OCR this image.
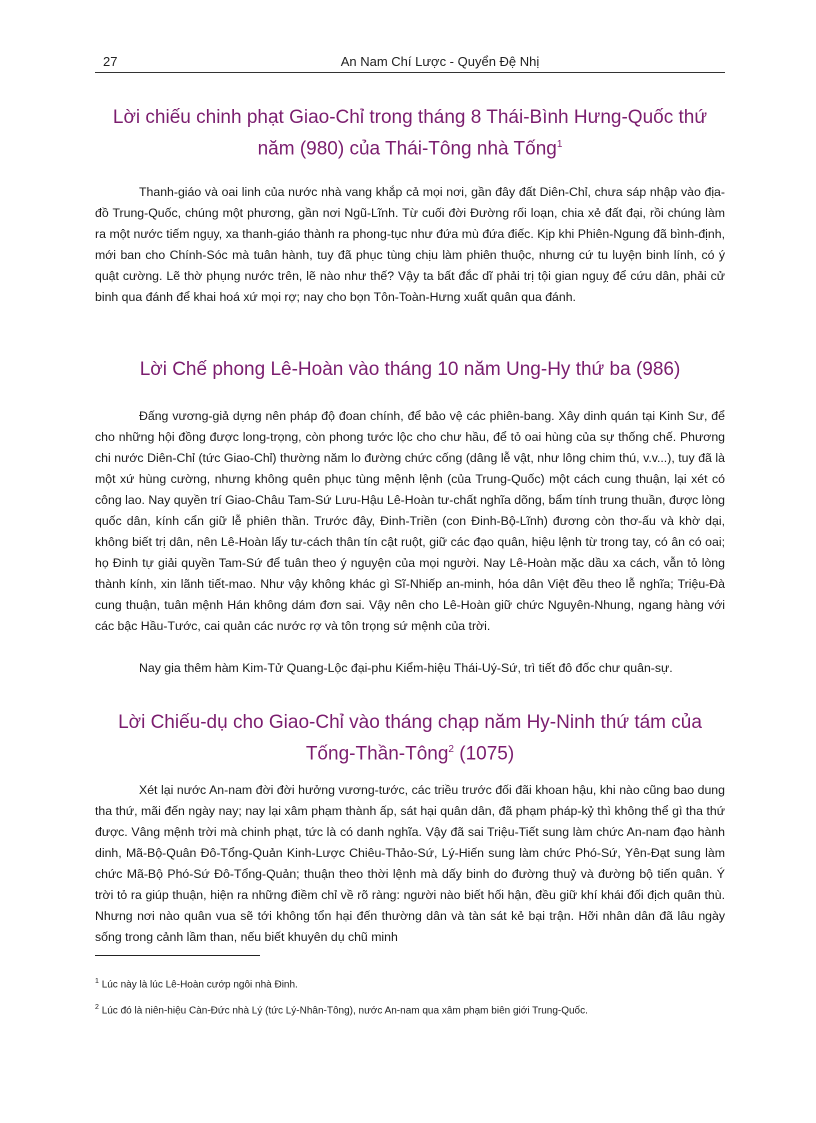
27	An Nam Chí Lược - Quyển Đệ Nhị
Lời chiếu chinh phạt Giao-Chỉ trong tháng 8 Thái-Bình Hưng-Quốc thứ
năm (980) của Thái-Tông nhà Tống$^1$
Thanh-giáo và oai linh của nước nhà vang khắp cả mọi nơi, gần đây đất Diên-Chỉ, chưa sáp nhập vào địa-đồ Trung-Quốc, chúng một phương, gần nơi Ngũ-Lĩnh. Từ cuối đời Đường rối loạn, chia xẻ đất đại, rồi chúng làm ra một nước tiếm ngụy, xa thanh-giáo thành ra phong-tục như đứa mù đứa điếc. Kịp khi Phiên-Ngung đã bình-định, mới ban cho Chính-Sóc mà tuân hành, tuy đã phục tùng chịu làm phiên thuộc, nhưng cứ tu luyện binh lính, có ý quật cường. Lẽ thờ phụng nước trên, lẽ nào như thế? Vậy ta bất đắc dĩ phải trị tội gian nguỵ để cứu dân, phải cử binh qua đánh để khai hoá xứ mọi rợ; nay cho bọn Tôn-Toàn-Hưng xuất quân qua đánh.
Lời Chế phong Lê-Hoàn vào tháng 10 năm Ung-Hy thứ ba (986)
Đấng vương-giả dựng nên pháp độ đoan chính, để bảo vệ các phiên-bang. Xây dinh quán tại Kinh Sư, để cho những hội đồng được long-trọng, còn phong tước lộc cho chư hầu, để tỏ oai hùng của sự thống chế. Phương chi nước Diên-Chỉ (tức Giao-Chỉ) thường năm lo đường chức cống (dâng lễ vật, như lông chim thú, v.v...), tuy đã là một xứ hùng cường, nhưng không quên phục tùng mệnh lệnh (của Trung-Quốc) một cách cung thuận, lại xét có công lao. Nay quyền trí Giao-Châu Tam-Sứ Lưu-Hậu Lê-Hoàn tư-chất nghĩa dõng, bẩm tính trung thuần, được lòng quốc dân, kính cẩn giữ lễ phiên thần. Trước đây, Đinh-Triền (con Đinh-Bộ-Lĩnh) đương còn thơ-ấu và khờ dại, không biết trị dân, nên Lê-Hoàn lấy tư-cách thân tín cật ruột, giữ các đạo quân, hiệu lệnh từ trong tay, có ân có oai; họ Đinh tự giải quyền Tam-Sứ để tuân theo ý nguyện của mọi người. Nay Lê-Hoàn mặc dầu xa cách, vẫn tỏ lòng thành kính, xin lãnh tiết-mao. Như vậy không khác gì Sĩ-Nhiếp an-minh, hóa dân Việt đều theo lễ nghĩa; Triệu-Đà cung thuận, tuân mệnh Hán không dám đơn sai. Vậy nên cho Lê-Hoàn giữ chức Nguyên-Nhung, ngang hàng với các bậc Hầu-Tước, cai quản các nước rợ và tôn trọng sứ mệnh của trời.
Nay gia thêm hàm Kim-Tử Quang-Lộc đại-phu Kiểm-hiệu Thái-Uý-Sứ, trì tiết đô đốc chư quân-sự.
Lời Chiếu-dụ cho Giao-Chỉ vào tháng chạp năm Hy-Ninh thứ tám của
Tống-Thần-Tông$^2$ (1075)
Xét lại nước An-nam đời đời hưởng vương-tước, các triều trước đối đãi khoan hậu, khi nào cũng bao dung tha thứ, mãi đến ngày nay; nay lại xâm phạm thành ấp, sát hại quân dân, đã phạm pháp-kỷ thì không thể gì tha thứ được. Vâng mệnh trời mà chinh phạt, tức là có danh nghĩa. Vậy đã sai Triệu-Tiết sung làm chức An-nam đạo hành dinh, Mã-Bộ-Quân Đô-Tổng-Quản Kinh-Lược Chiêu-Thảo-Sứ, Lý-Hiến sung làm chức Phó-Sứ, Yên-Đạt sung làm chức Mã-Bộ Phó-Sứ Đô-Tổng-Quản; thuận theo thời lệnh mà dấy binh do đường thuỷ và đường bộ tiến quân. Ý trời tỏ ra giúp thuận, hiện ra những điềm chỉ về rõ ràng: người nào biết hối hận, đều giữ khí khái đối địch quân thù. Nhưng nơi nào quân vua sẽ tới không tổn hại đến thường dân và tàn sát kẻ bại trận. Hỡi nhân dân đã lâu ngày sống trong cảnh lầm than, nếu biết khuyên dụ chũ minh
$^1$ Lúc này là lúc Lê-Hoàn cướp ngôi nhà Đinh.
$^2$ Lúc đó là niên-hiệu Càn-Đức nhà Lý (tức Lý-Nhân-Tông), nước An-nam qua xâm phạm biên giới Trung-Quốc.
